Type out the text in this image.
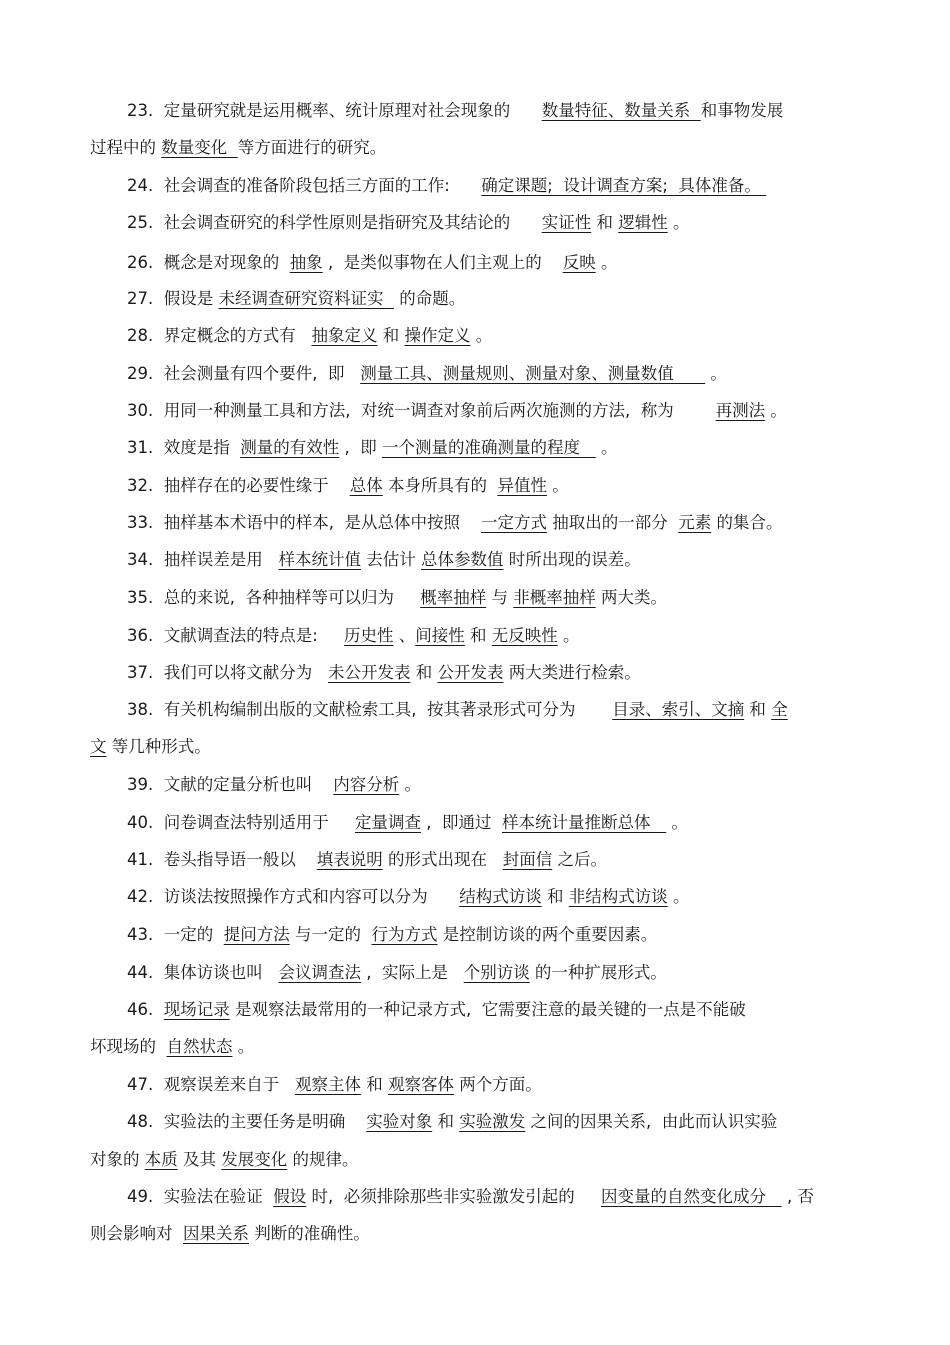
23.  定量研究就是运用概率、统计原理对社会现象的      数量特征、数量关系  和事物发展
过程中的 数量变化  等方面进行的研究。
24.  社会调查的准备阶段包括三方面的工作:      确定课题;  设计调查方案;  具体准备。
25.  社会调查研究的科学性原则是指研究及其结论的      实证性 和 逻辑性 。
26.  概念是对现象的  抽象 ,  是类似事物在人们主观上的    反映 。
27.  假设是 未经调查研究资料证实   的命题。
28.  界定概念的方式有   抽象定义 和 操作定义 。
29.  社会测量有四个要件,  即   测量工具、测量规则、测量对象、测量数值       。
30.  用同一种测量工具和方法,  对统一调查对象前后两次施测的方法,  称为        再测法 。
31.  效度是指  测量的有效性 ,  即 一个测量的准确测量的程度    。
32.  抽样存在的必要性缘于    总体 本身所具有的  异值性 。
33.  抽样基本术语中的样本,  是从总体中按照    一定方式 抽取出的一部分  元素 的集合。
34.  抽样误差是用   样本统计值 去估计 总体参数值 时所出现的误差。
35.  总的来说,  各种抽样等可以归为     概率抽样 与 非概率抽样 两大类。
36.  文献调查法的特点是:     历史性 、间接性 和 无反映性 。
37.  我们可以将文献分为   未公开发表 和 公开发表 两大类进行检索。
38.  有关机构编制出版的文献检索工具,  按其著录形式可分为       目录、索引、文摘 和 全
文 等几种形式。
39.  文献的定量分析也叫    内容分析 。
40.  问卷调查法特别适用于     定量调查 ,  即通过  样本统计量推断总体    。
41.  卷头指导语一般以    填表说明 的形式出现在   封面信 之后。
42.  访谈法按照操作方式和内容可以分为      结构式访谈 和 非结构式访谈 。
43.  一定的  提问方法 与一定的  行为方式 是控制访谈的两个重要因素。
44.  集体访谈也叫   会议调查法 ,  实际上是   个别访谈 的一种扩展形式。
46.  现场记录 是观察法最常用的一种记录方式,  它需要注意的最关键的一点是不能破
坏现场的  自然状态 。
47.  观察误差来自于   观察主体 和 观察客体 两个方面。
48.  实验法的主要任务是明确    实验对象 和 实验激发 之间的因果关系,  由此而认识实验
对象的 本质 及其 发展变化 的规律。
49.  实验法在验证  假设 时,  必须排除那些非实验激发引起的     因变量的自然变化成分    , 否
则会影响对  因果关系 判断的准确性。
